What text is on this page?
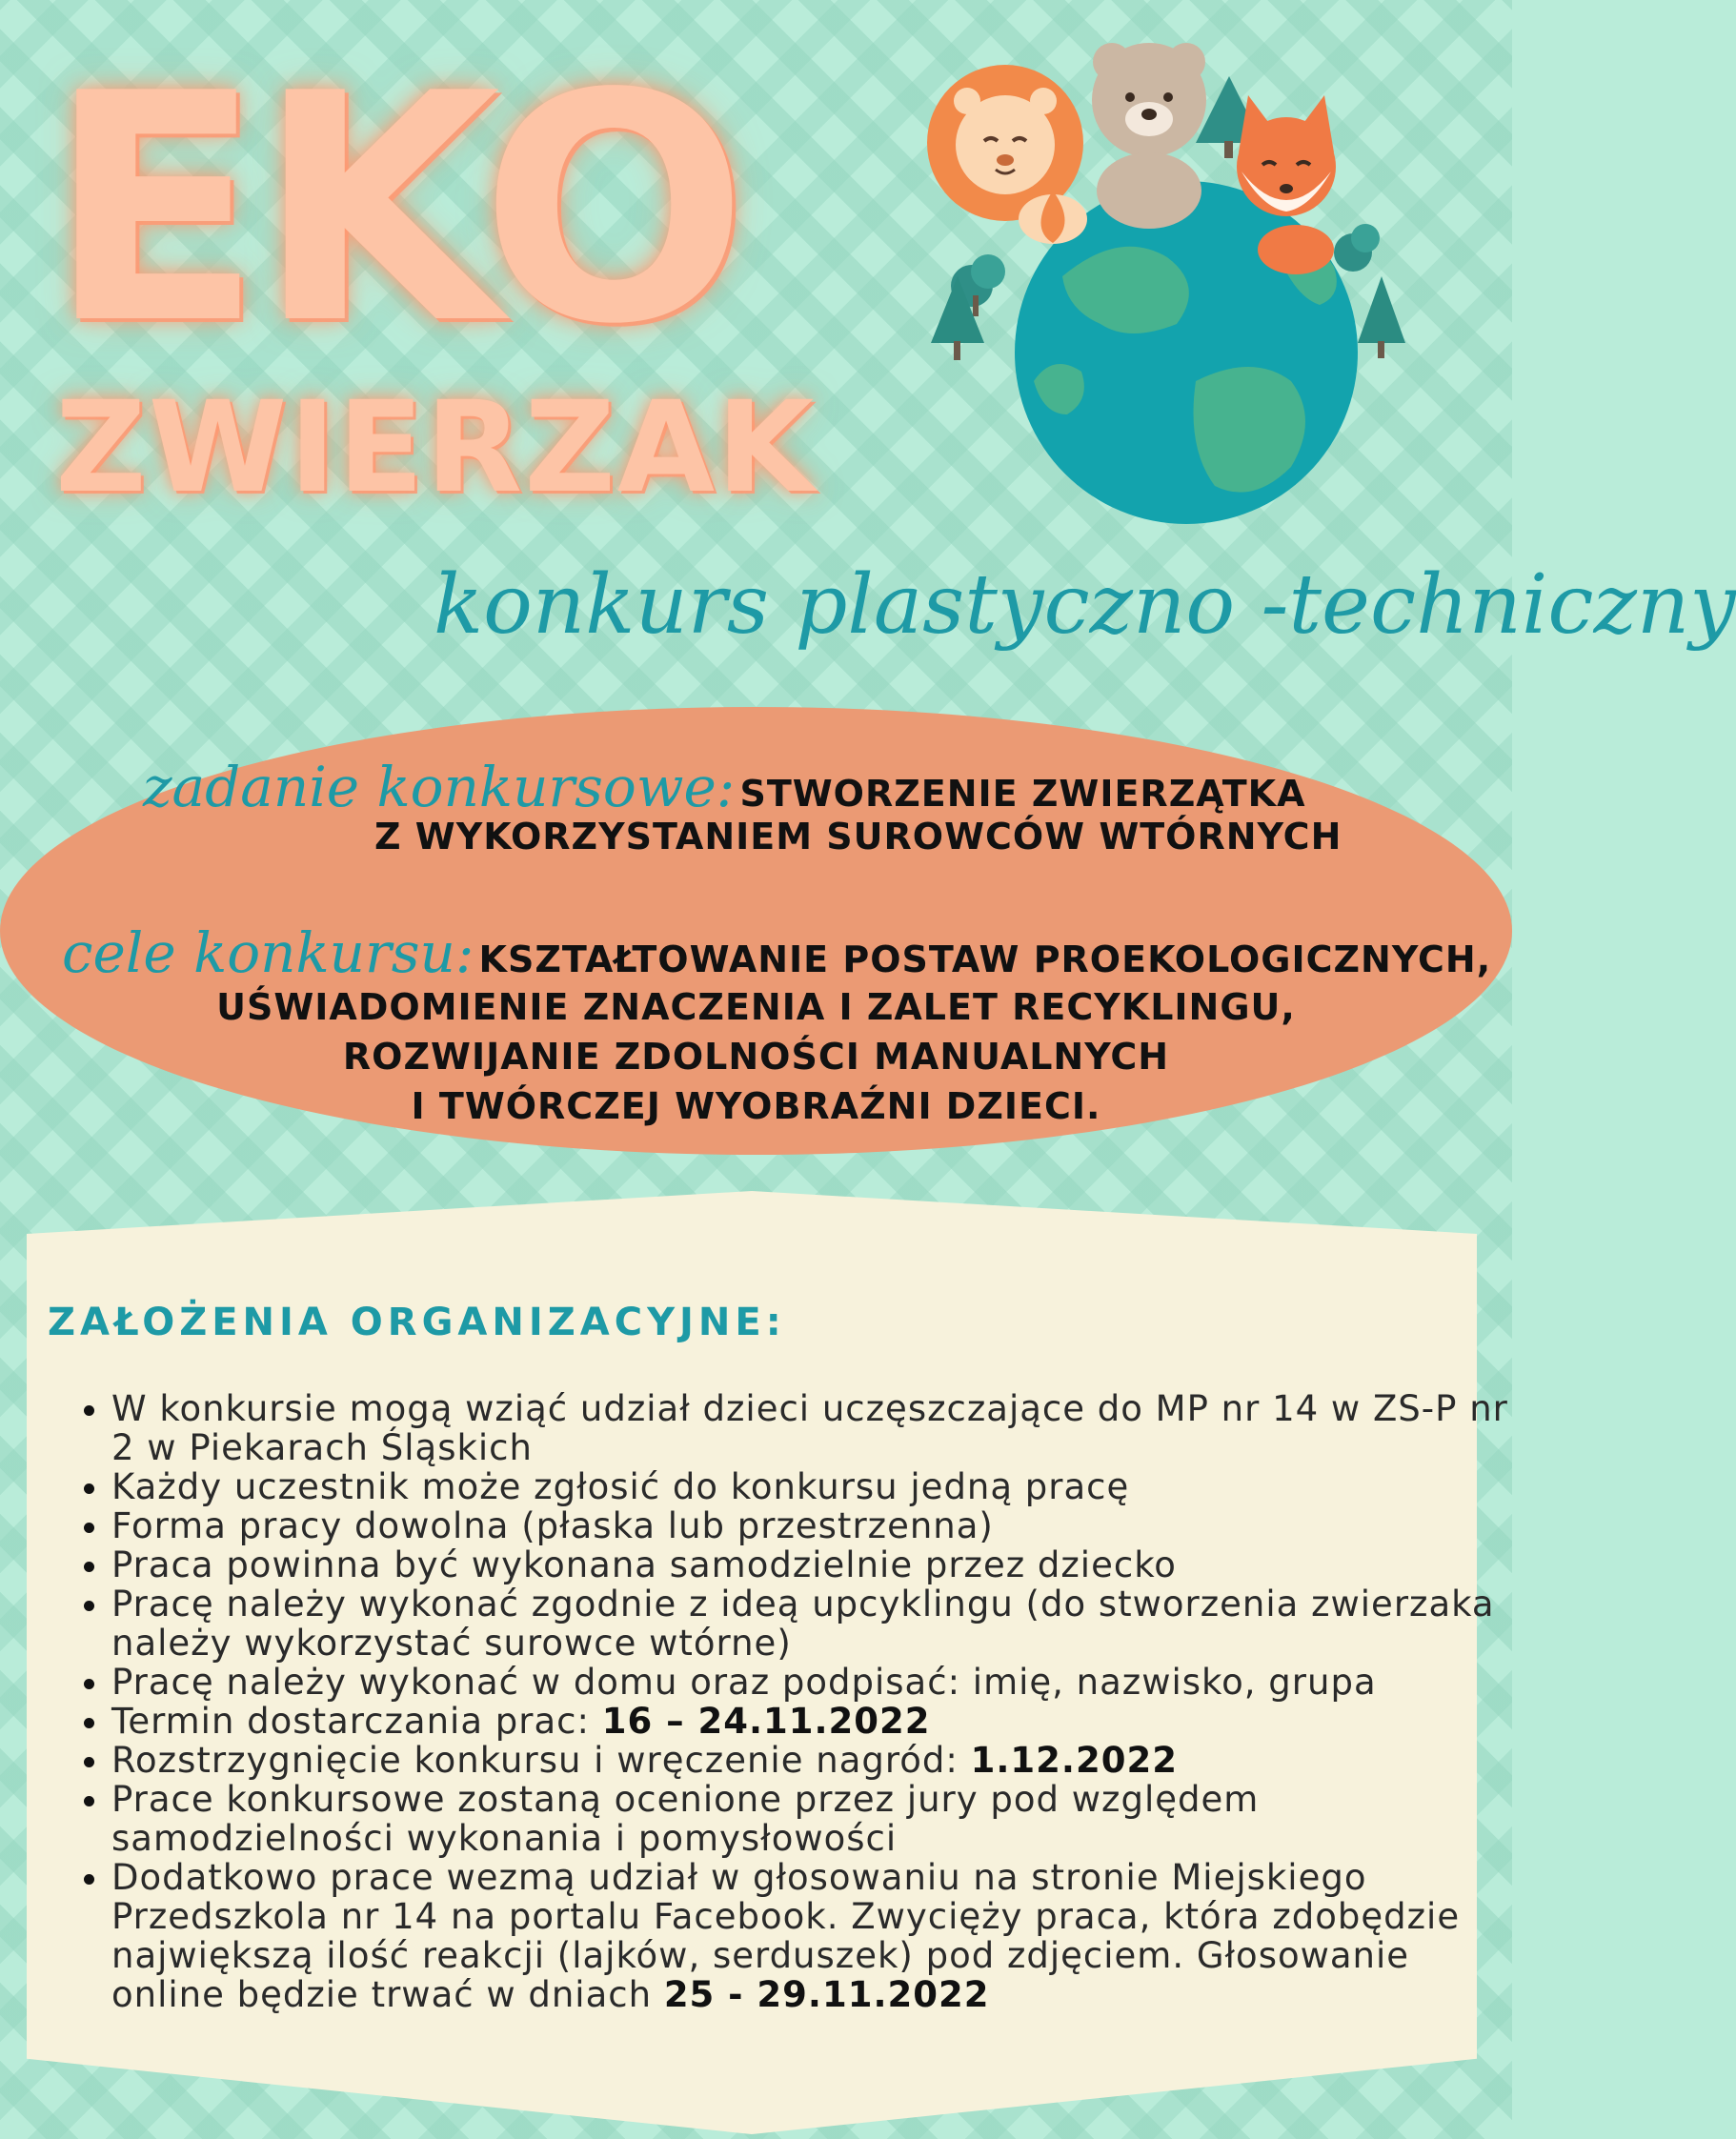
EKO
ZWIERZAK
konkurs plastyczno -techniczny
zadanie konkursowe: STWORZENIE ZWIERZĄTKA
Z WYKORZYSTANIEM SUROWCÓW WTÓRNYCH
cele konkursu: KSZTAŁTOWANIE POSTAW PROEKOLOGICZNYCH,
UŚWIADOMIENIE ZNACZENIA I ZALET RECYKLINGU,
ROZWIJANIE ZDOLNOŚCI MANUALNYCH
I TWÓRCZEJ WYOBRAŹNI DZIECI.
ZAŁOŻENIA ORGANIZACYJNE:
• W konkursie mogą wziąć udział dzieci uczęszczające do MP nr 14 w ZS-P nr 2 w Piekarach Śląskich
• Każdy uczestnik może zgłosić do konkursu jedną pracę
• Forma pracy dowolna (płaska lub przestrzenna)
• Praca powinna być wykonana samodzielnie przez dziecko
• Pracę należy wykonać zgodnie z ideą upcyklingu (do stworzenia zwierzaka należy wykorzystać surowce wtórne)
• Pracę należy wykonać w domu oraz podpisać: imię, nazwisko, grupa
• Termin dostarczania prac: 16 – 24.11.2022
• Rozstrzygnięcie konkursu i wręczenie nagród: 1.12.2022
• Prace konkursowe zostaną ocenione przez jury pod względem samodzielności wykonania i pomysłowości
• Dodatkowo prace wezmą udział w głosowaniu na stronie Miejskiego Przedszkola nr 14 na portalu Facebook. Zwycięży praca, która zdobędzie największą ilość reakcji (lajków, serduszek) pod zdjęciem. Głosowanie online będzie trwać w dniach 25 - 29.11.2022
